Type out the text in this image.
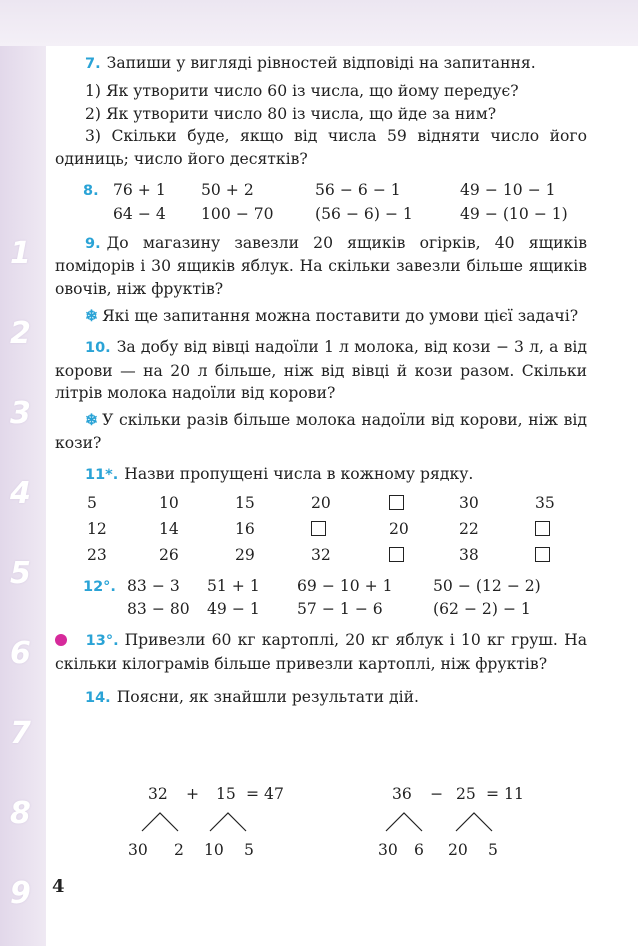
1
2
3
4
5
6
7
8
9

7. Запиши у вигляді рівностей відповіді на запитання.

1) Як утворити число 60 із числа, що йому передує?

2) Як утворити число 80 із числа, що йде за ним?

3) Скільки буде, якщо від числа 59 відняти число його одиниць; число його десятків?

8.	76 + 1	50 + 2	56 − 6 − 1	49 − 10 − 1
	64 − 4	100 − 70	(56 − 6) − 1	49 − (10 − 1)

9. До магазину завезли 20 ящиків огірків, 40 ящиків помідорів і 30 ящиків яблук. На скільки завезли більше ящиків овочів, ніж фруктів?

❄ Які ще запитання можна поставити до умови цієї задачі?

10. За добу від вівці надоїли 1 л молока, від кози − 3 л, а від корови — на 20 л більше, ніж від вівці й кози разом. Скільки літрів молока надоїли від корови?

❄ У скільки разів більше молока надоїли від корови, ніж від кози?

11*. Назви пропущені числа в кожному рядку.

5	10	15	20		30	35
12	14	16		20	22	
23	26	29	32		38	
12°.	83 − 3	51 + 1	69 − 10 + 1	50 − (12 − 2)
	83 − 80	49 − 1	57 − 1 − 6	(62 − 2) − 1

13°. Привезли 60 кг картоплі, 20 кг яблук і 10 кг груш. На скільки кілограмів більше привезли картоплі, ніж фруктів?

14. Поясни, як знайшли результати дій.

32 + 15 = 47	36 − 25 = 11
30 2 10 5	30 6 20 5
4
